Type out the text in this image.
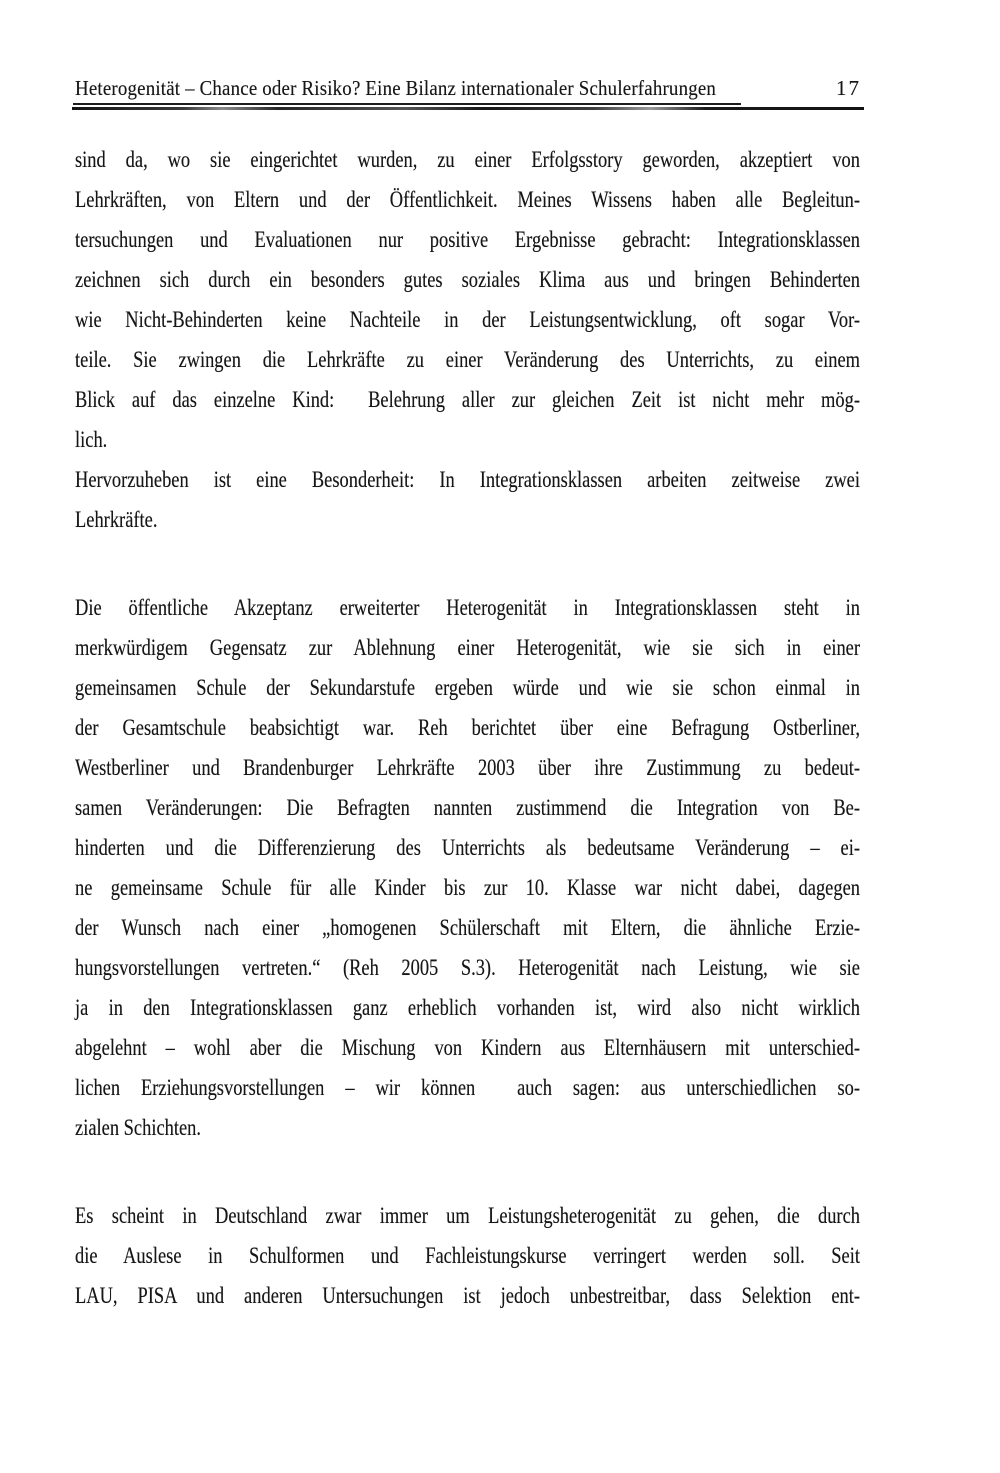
Heterogenität – Chance oder Risiko? Eine Bilanz internationaler Schulerfahrungen	17
sind da, wo sie eingerichtet wurden, zu einer Erfolgsstory geworden, akzeptiert von
Lehrkräften, von Eltern und der Öffentlichkeit. Meines Wissens haben alle Begleitun-
tersuchungen und Evaluationen nur positive Ergebnisse gebracht: Integrationsklassen
zeichnen sich durch ein besonders gutes soziales Klima aus und bringen Behinderten
wie Nicht-Behinderten keine Nachteile in der Leistungsentwicklung, oft sogar Vor-
teile. Sie zwingen die Lehrkräfte zu einer Veränderung des Unterrichts, zu einem
Blick auf das einzelne Kind:  Belehrung aller zur gleichen Zeit ist nicht mehr mög-
lich.
Hervorzuheben ist eine Besonderheit: In Integrationsklassen arbeiten zeitweise zwei
Lehrkräfte.
Die öffentliche Akzeptanz erweiterter Heterogenität in Integrationsklassen steht in
merkwürdigem Gegensatz zur Ablehnung einer Heterogenität, wie sie sich in einer
gemeinsamen Schule der Sekundarstufe ergeben würde und wie sie schon einmal in
der Gesamtschule beabsichtigt war. Reh berichtet über eine Befragung Ostberliner,
Westberliner und Brandenburger Lehrkräfte 2003 über ihre Zustimmung zu bedeut-
samen Veränderungen: Die Befragten nannten zustimmend die Integration von Be-
hinderten und die Differenzierung des Unterrichts als bedeutsame Veränderung – ei-
ne gemeinsame Schule für alle Kinder bis zur 10. Klasse war nicht dabei, dagegen
der Wunsch nach einer „homogenen Schülerschaft mit Eltern, die ähnliche Erzie-
hungsvorstellungen vertreten.“ (Reh 2005 S.3). Heterogenität nach Leistung, wie sie
ja in den Integrationsklassen ganz erheblich vorhanden ist, wird also nicht wirklich
abgelehnt – wohl aber die Mischung von Kindern aus Elternhäusern mit unterschied-
lichen Erziehungsvorstellungen – wir können  auch sagen: aus unterschiedlichen so-
zialen Schichten.
Es scheint in Deutschland zwar immer um Leistungsheterogenität zu gehen, die durch
die Auslese in Schulformen und Fachleistungskurse verringert werden soll. Seit
LAU, PISA und anderen Untersuchungen ist jedoch unbestreitbar, dass Selektion ent-
